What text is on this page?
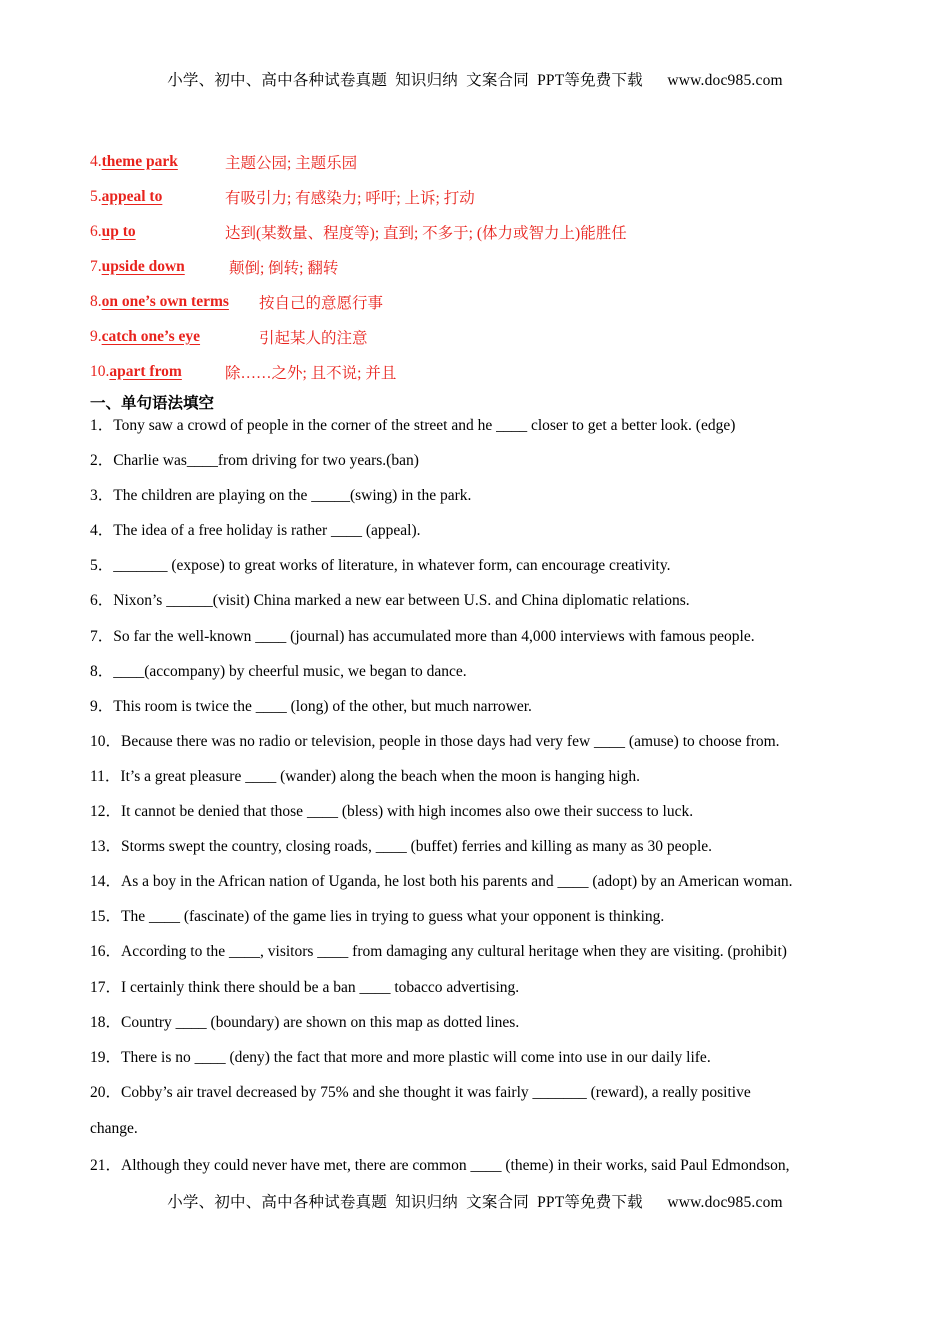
小学、初中、高中各种试卷真题  知识归纳  文案合同  PPT等免费下载      www.doc985.com
4. theme park	主题公园; 主题乐园
5. appeal to	有吸引力; 有感染力; 呼吁; 上诉; 打动
6. up to	达到(某数量、程度等); 直到; 不多于; (体力或智力上)能胜任
7. upside down	颠倒; 倒转; 翻转
8. on one’s own terms 按自己的意愿行事
9. catch one’s eye	引起某人的注意
10. apart from	除……之外; 且不说; 并且
一、单句语法填空
1．Tony saw a crowd of people in the corner of the street and he ____ closer to get a better look. (edge)
2．Charlie was____from driving for two years.(ban)
3．The children are playing on the _____(swing) in the park.
4．The idea of a free holiday is rather ____ (appeal).
5．_______ (expose) to great works of literature, in whatever form, can encourage creativity.
6．Nixon’s ______(visit) China marked a new ear between U.S. and China diplomatic relations.
7．So far the well-known ____ (journal) has accumulated more than 4,000 interviews with famous people.
8．____(accompany) by cheerful music, we began to dance.
9．This room is twice the ____ (long) of the other, but much narrower.
10．Because there was no radio or television, people in those days had very few ____ (amuse) to choose from.
11．It’s a great pleasure ____ (wander) along the beach when the moon is hanging high.
12．It cannot be denied that those ____ (bless) with high incomes also owe their success to luck.
13．Storms swept the country, closing roads, ____ (buffet) ferries and killing as many as 30 people.
14．As a boy in the African nation of Uganda, he lost both his parents and ____ (adopt) by an American woman.
15．The ____ (fascinate) of the game lies in trying to guess what your opponent is thinking.
16．According to the ____, visitors ____ from damaging any cultural heritage when they are visiting. (prohibit)
17．I certainly think there should be a ban ____ tobacco advertising.
18．Country ____ (boundary) are shown on this map as dotted lines.
19．There is no ____ (deny) the fact that more and more plastic will come into use in our daily life.
20．Cobby’s air travel decreased by 75% and she thought it was fairly _______ (reward), a really positive
change.
21．Although they could never have met, there are common ____ (theme) in their works, said Paul Edmondson,
小学、初中、高中各种试卷真题  知识归纳  文案合同  PPT等免费下载      www.doc985.com
